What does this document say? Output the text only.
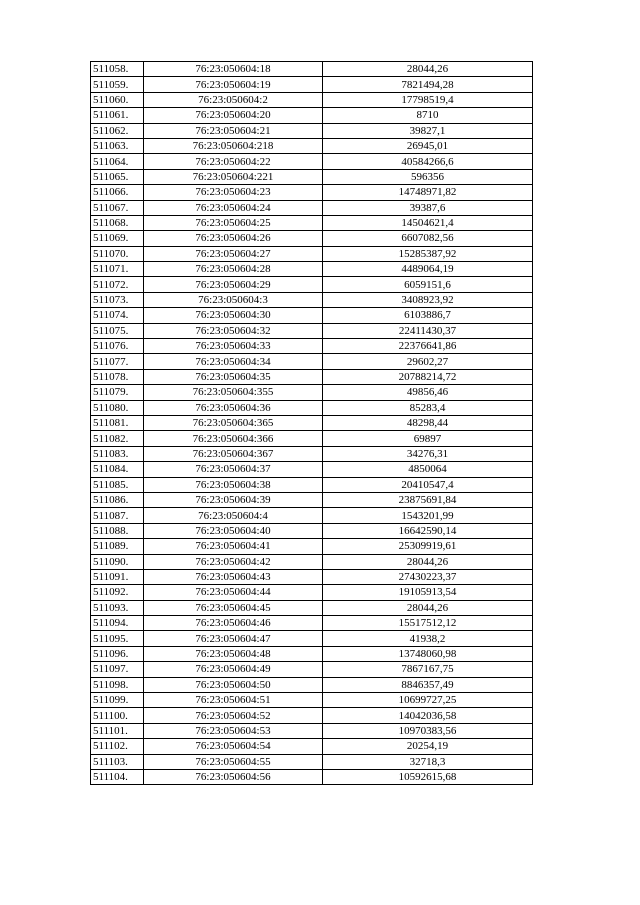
511058.	76:23:050604:18	28044,26
511059.	76:23:050604:19	7821494,28
511060.	76:23:050604:2	17798519,4
511061.	76:23:050604:20	8710
511062.	76:23:050604:21	39827,1
511063.	76:23:050604:218	26945,01
511064.	76:23:050604:22	40584266,6
511065.	76:23:050604:221	596356
511066.	76:23:050604:23	14748971,82
511067.	76:23:050604:24	39387,6
511068.	76:23:050604:25	14504621,4
511069.	76:23:050604:26	6607082,56
511070.	76:23:050604:27	15285387,92
511071.	76:23:050604:28	4489064,19
511072.	76:23:050604:29	6059151,6
511073.	76:23:050604:3	3408923,92
511074.	76:23:050604:30	6103886,7
511075.	76:23:050604:32	22411430,37
511076.	76:23:050604:33	22376641,86
511077.	76:23:050604:34	29602,27
511078.	76:23:050604:35	20788214,72
511079.	76:23:050604:355	49856,46
511080.	76:23:050604:36	85283,4
511081.	76:23:050604:365	48298,44
511082.	76:23:050604:366	69897
511083.	76:23:050604:367	34276,31
511084.	76:23:050604:37	4850064
511085.	76:23:050604:38	20410547,4
511086.	76:23:050604:39	23875691,84
511087.	76:23:050604:4	1543201,99
511088.	76:23:050604:40	16642590,14
511089.	76:23:050604:41	25309919,61
511090.	76:23:050604:42	28044,26
511091.	76:23:050604:43	27430223,37
511092.	76:23:050604:44	19105913,54
511093.	76:23:050604:45	28044,26
511094.	76:23:050604:46	15517512,12
511095.	76:23:050604:47	41938,2
511096.	76:23:050604:48	13748060,98
511097.	76:23:050604:49	7867167,75
511098.	76:23:050604:50	8846357,49
511099.	76:23:050604:51	10699727,25
511100.	76:23:050604:52	14042036,58
511101.	76:23:050604:53	10970383,56
511102.	76:23:050604:54	20254,19
511103.	76:23:050604:55	32718,3
511104.	76:23:050604:56	10592615,68
